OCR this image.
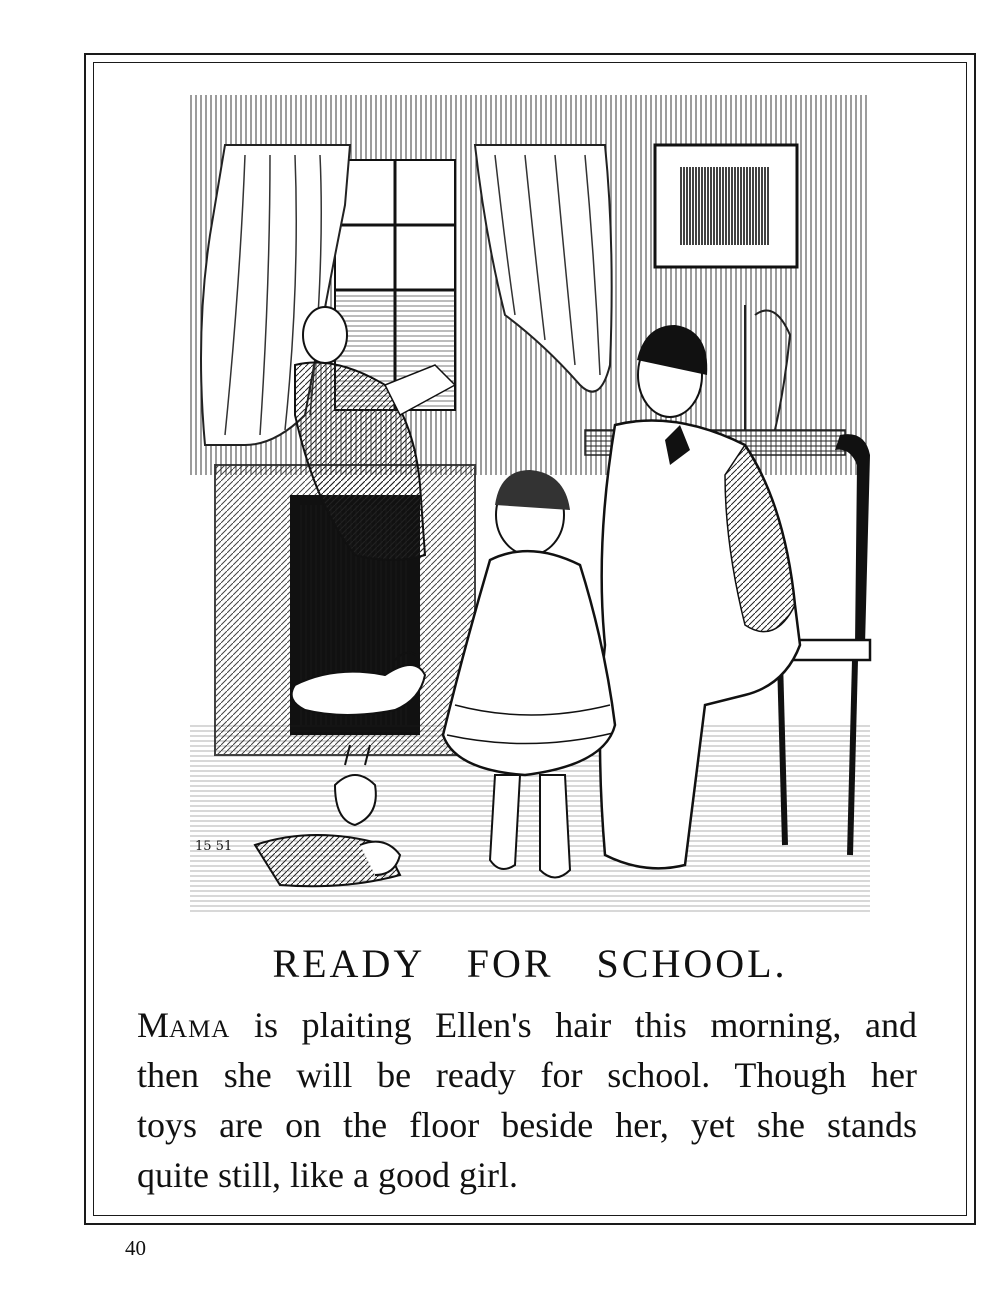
15 51
READY FOR SCHOOL.

Mama is plaiting Ellen's hair this morning, and
then she will be ready for school. Though her
toys are on the floor beside her, yet she stands
quite still, like a good girl.

40
